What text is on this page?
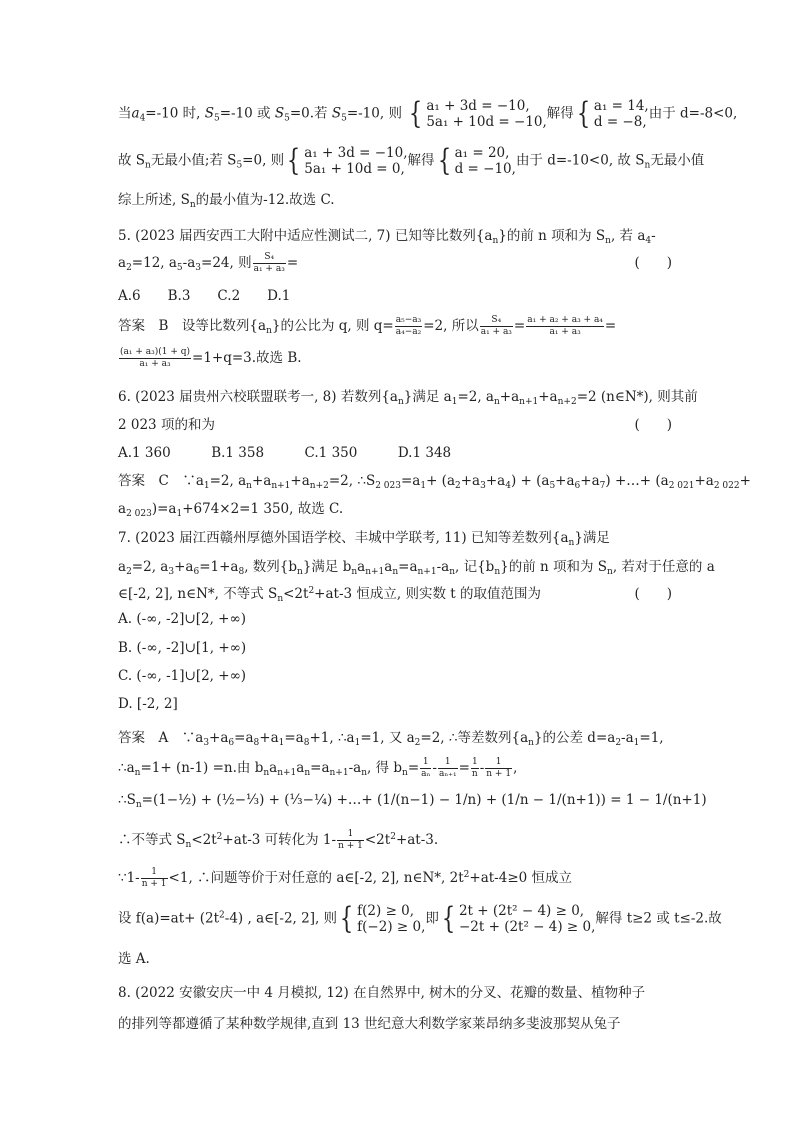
当$a_4=-10$ 时, $S_5=-10$ 或 $S_5=0$.若 $S_5=-10$, 则 { a₁ + 3d = −10,
5a₁ + 10d = −10,
解得 { a₁ = 14,
d = −8,
由于 d=-8<0,
故 $S_n$无最小值;若 $S_5=0$, 则 { a₁ + 3d = −10,
5a₁ + 10d = 0,
解得 { a₁ = 20,
d = −10,
由于 d=-10<0, 故 $S_n$无最小值
综上所述, $S_n$的最小值为-12.故选 C.
5. (2023 届西安西工大附中适应性测试二, 7) 已知等比数列$\{a_n\}$的前 n 项和为 $S_n$, 若 $a_4-$
$a_2=12$, $a_5-a_3=24$, 则 $\frac{\text{S₄}}{\text{a₁ + a₃}}$ =	(　　)
A.6　　B.3　　C.2　　D.1
答案　B　设等比数列$\{a_n\}$的公比为 q, 则 $q= \frac{\text{a₅−a₃}}{\text{a₄−a₂}} =2$, 所以 $\frac{\text{S₄}}{\text{a₁ + a₃}} = \frac{\text{a₁ + a₂ + a₃ + a₄}}{\text{a₁ + a₃}}$ =
$\frac{\text{(a₁ + a₃)(1 + q)}}{\text{a₁ + a₃}} =1+q=3$.故选 B.
6. (2023 届贵州六校联盟联考一, 8) 若数列$\{a_n\}$满足 $a_1=2$, $a_n+a_{n+1}+a_{n+2}=2$ (n∈N*), 则其前
2 023 项的和为	(　　)
A.1 360　　　B.1 358　　　C.1 350　　　D.1 348
答案　C　$\because a_1=2$, $a_n+a_{n+1}+a_{n+2}=2$, $\therefore S_{2 023}=a_1+ (a_2+a_3+a_4) + (a_5+a_6+a_7)$ +…+ ($a_{2 021}+a_{2 022}+$
$a_{2 023})=a_1+674\times 2=1$ 350, 故选 C.
7. (2023 届江西赣州厚德外国语学校、丰城中学联考, 11) 已知等差数列$\{a_n\}$满足
$a_2=2$, $a_3+a_6=1+a_8$, 数列$\{b_n\}$满足 $b_na_{n+1}a_n=a_{n+1}-a_n$, 记$\{b_n\}$的前 n 项和为 $S_n$, 若对于任意的 a
∈[-2, 2], n∈N*, 不等式 $S_n<2t^2+at-3$ 恒成立, 则实数 t 的取值范围为	(　　)
A. (-∞, -2]∪[2, +∞)
B. (-∞, -2]∪[1, +∞)
C. (-∞, -1]∪[2, +∞)
D. [-2, 2]
答案　A　$\because a_3+a_6=a_8+a_1=a_8+1$, $\therefore a_1=1$, 又 $a_2=2$, ∴等差数列$\{a_n\}$的公差 $d=a_2-a_1=1$,
$\therefore a_n=1+ (n-1) =n$.由 $b_na_{n+1}a_n=a_{n+1}-a_n$, 得 $b_n= \frac{1}{\text{aₙ}} - \frac{1}{\text{aₙ₊₁}} = \frac{1}{n} - \frac{1}{n + 1}$ ,
$\therefore S_n=(1-\frac{1}{2})$ + (½−⅓) + (⅓−¼) +…+ (1/(n−1) − 1/n) + (1/n − 1/(n+1)) = 1 − 1/(n+1)
∴不等式 $S_n<2t^2+at-3$ 可转化为 $1- \frac{1}{n + 1} <2t^2+at-3$.
∵1- $\frac{1}{n + 1} <1$, ∴问题等价于对任意的 a∈[-2, 2], n∈N*, $2t^2+at-4\ge 0$ 恒成立
设 $f(a)=at+ (2t^2-4)$ , a∈[-2, 2], 则 { f(2) ≥ 0,
f(−2) ≥ 0,
即 { 2t + (2t² − 4) ≥ 0,
−2t + (2t² − 4) ≥ 0,
解得 t≥2 或 t≤-2.故
选 A.
8. (2022 安徽安庆一中 4 月模拟, 12) 在自然界中, 树木的分叉、花瓣的数量、植物种子
的排列等都遵循了某种数学规律,直到 13 世纪意大利数学家莱昂纳多斐波那契从兔子
